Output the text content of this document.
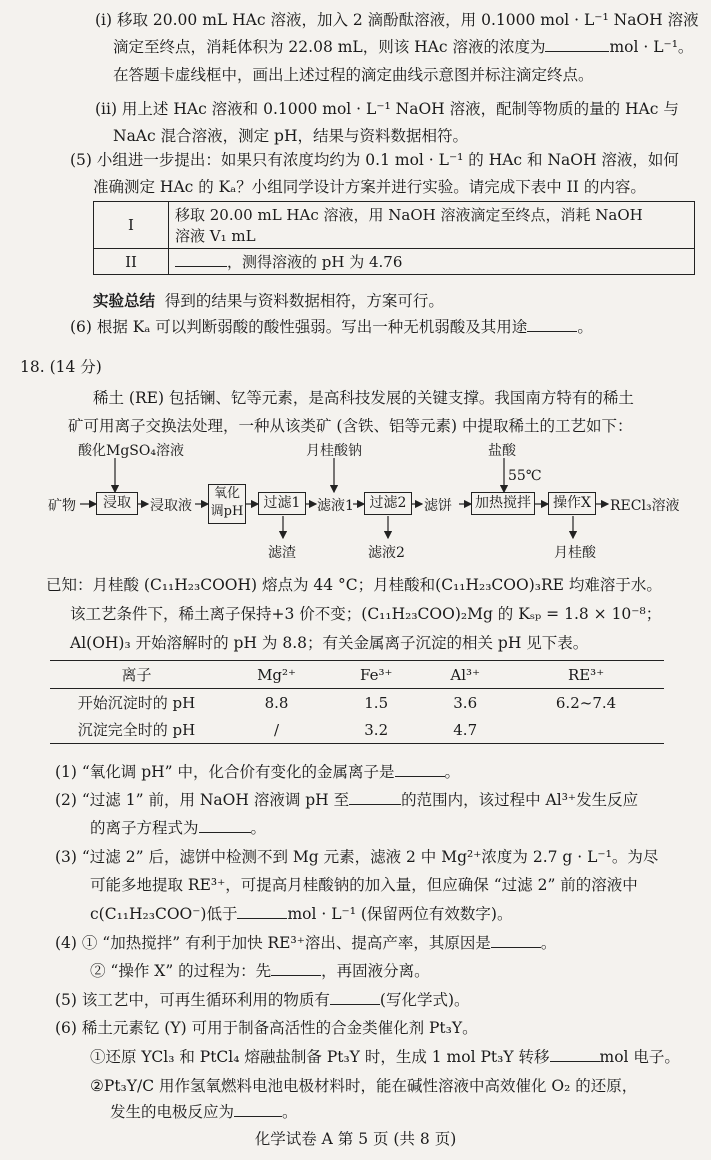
(i) 移取 20.00 mL HAc 溶液，加入 2 滴酚酞溶液，用 0.1000 mol · L⁻¹ NaOH 溶液
滴定至终点，消耗体积为 22.08 mL，则该 HAc 溶液的浓度为	mol · L⁻¹。
在答题卡虚线框中，画出上述过程的滴定曲线示意图并标注滴定终点。
(ii) 用上述 HAc 溶液和 0.1000 mol · L⁻¹ NaOH 溶液，配制等物质的量的 HAc 与
NaAc 混合溶液，测定 pH，结果与资料数据相符。
(5) 小组进一步提出：如果只有浓度均约为 0.1 mol · L⁻¹ 的 HAc 和 NaOH 溶液，如何
准确测定 HAc 的 Kₐ？小组同学设计方案并进行实验。请完成下表中 II 的内容。
I	移取 20.00 mL HAc 溶液，用 NaOH 溶液滴定至终点，消耗 NaOH
溶液 V₁ mL

II	，测得溶液的 pH 为 4.76
实验总结 得到的结果与资料数据相符，方案可行。
(6) 根据 Kₐ 可以判断弱酸的酸性强弱。写出一种无机弱酸及其用途	。
18. (14 分)
稀土 (RE) 包括镧、钇等元素，是高科技发展的关键支撑。我国南方特有的稀土
矿可用离子交换法处理，一种从该类矿 (含铁、铝等元素) 中提取稀土的工艺如下：
酸化MgSO₄溶液	月桂酸钠	盐酸
55℃
矿物	浸取	浸取液
氧化
调pH
过滤1	滤液1	过滤2	滤饼 加热搅拌	操作X	RECl₃溶液
滤渣	滤液2	月桂酸
已知：月桂酸 (C₁₁H₂₃COOH) 熔点为 44 °C；月桂酸和(C₁₁H₂₃COO)₃RE 均难溶于水。
该工艺条件下，稀土离子保持+3 价不变；(C₁₁H₂₃COO)₂Mg 的 Kₛₚ = 1.8 × 10⁻⁸；
Al(OH)₃ 开始溶解时的 pH 为 8.8；有关金属离子沉淀的相关 pH 见下表。
离子	Mg²⁺	Fe³⁺	Al³⁺	RE³⁺
开始沉淀时的 pH	8.8	1.5	3.6	6.2~7.4
沉淀完全时的 pH	/	3.2	4.7	
(1) “氧化调 pH” 中，化合价有变化的金属离子是	。
(2) “过滤 1” 前，用 NaOH 溶液调 pH 至	的范围内，该过程中 Al³⁺发生反应
的离子方程式为	。
(3) “过滤 2” 后，滤饼中检测不到 Mg 元素，滤液 2 中 Mg²⁺浓度为 2.7 g · L⁻¹。为尽
可能多地提取 RE³⁺，可提高月桂酸钠的加入量，但应确保 “过滤 2” 前的溶液中
c(C₁₁H₂₃COO⁻)低于	mol · L⁻¹ (保留两位有效数字)。
(4) ① “加热搅拌” 有利于加快 RE³⁺溶出、提高产率，其原因是	。
② “操作 X” 的过程为：先	，再固液分离。
(5) 该工艺中，可再生循环利用的物质有	(写化学式)。
(6) 稀土元素钇 (Y) 可用于制备高活性的合金类催化剂 Pt₃Y。
①还原 YCl₃ 和 PtCl₄ 熔融盐制备 Pt₃Y 时，生成 1 mol Pt₃Y 转移	mol 电子。
②Pt₃Y/C 用作氢氧燃料电池电极材料时，能在碱性溶液中高效催化 O₂ 的还原，
发生的电极反应为	。
化学试卷 A 第 5 页 (共 8 页)
